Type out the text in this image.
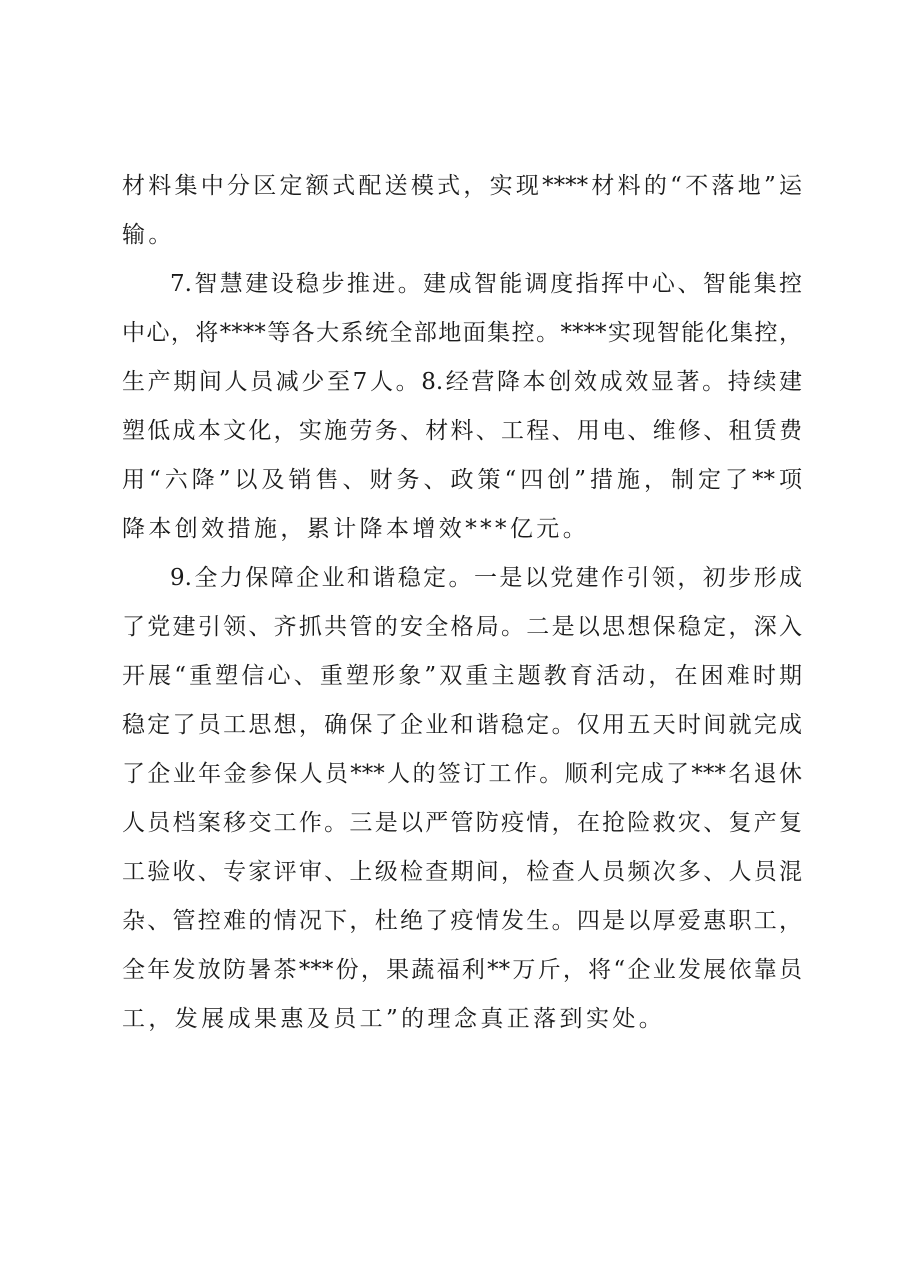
材料集中分区定额式配送模式，实现****材料的“不落地”运
输。
7.智慧建设稳步推进。建成智能调度指挥中心、智能集控
中心，将****等各大系统全部地面集控。****实现智能化集控，
生产期间人员减少至7人。8.经营降本创效成效显著。持续建
塑低成本文化，实施劳务、材料、工程、用电、维修、租赁费
用“六降”以及销售、财务、政策“四创”措施，制定了**项
降本创效措施，累计降本增效***亿元。
9.全力保障企业和谐稳定。一是以党建作引领，初步形成
了党建引领、齐抓共管的安全格局。二是以思想保稳定，深入
开展“重塑信心、重塑形象”双重主题教育活动，在困难时期
稳定了员工思想，确保了企业和谐稳定。仅用五天时间就完成
了企业年金参保人员***人的签订工作。顺利完成了***名退休
人员档案移交工作。三是以严管防疫情，在抢险救灾、复产复
工验收、专家评审、上级检查期间，检查人员频次多、人员混
杂、管控难的情况下，杜绝了疫情发生。四是以厚爱惠职工，
全年发放防暑茶***份，果蔬福利**万斤，将“企业发展依靠员
工，发展成果惠及员工”的理念真正落到实处。
